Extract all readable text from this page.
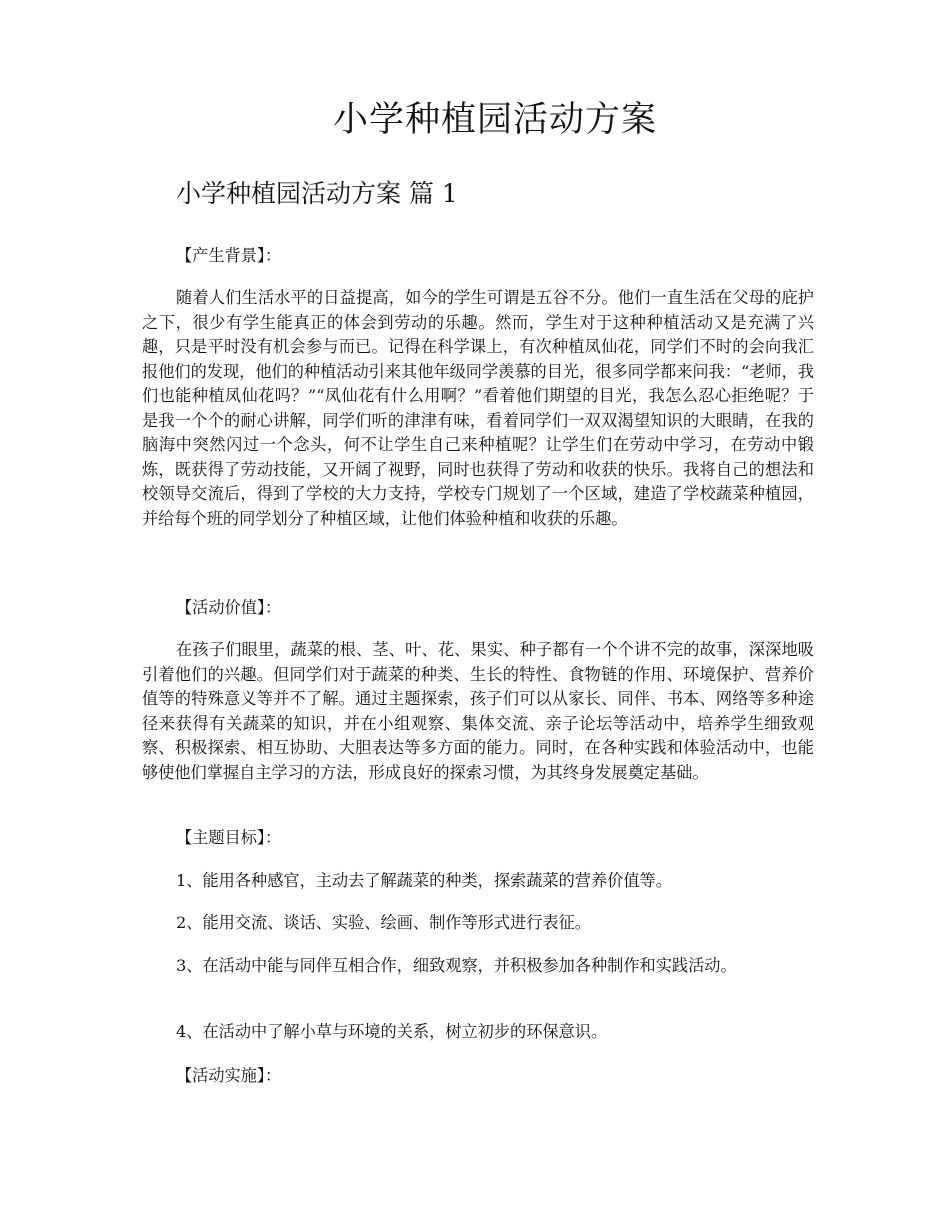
小学种植园活动方案
小学种植园活动方案 篇 1

【产生背景】：

随着人们生活水平的日益提高，如今的学生可谓是五谷不分。他们一直生活在父母的庇护之下，很少有学生能真正的体会到劳动的乐趣。然而，学生对于这种种植活动又是充满了兴趣，只是平时没有机会参与而已。记得在科学课上，有次种植凤仙花，同学们不时的会向我汇报他们的发现，他们的种植活动引来其他年级同学羡慕的目光，很多同学都来问我：“老师，我们也能种植凤仙花吗？”“凤仙花有什么用啊？”看着他们期望的目光，我怎么忍心拒绝呢？于是我一个个的耐心讲解，同学们听的津津有味，看着同学们一双双渴望知识的大眼睛，在我的脑海中突然闪过一个念头，何不让学生自己来种植呢？让学生们在劳动中学习，在劳动中锻炼，既获得了劳动技能，又开阔了视野，同时也获得了劳动和收获的快乐。我将自己的想法和校领导交流后，得到了学校的大力支持，学校专门规划了一个区域，建造了学校蔬菜种植园，并给每个班的同学划分了种植区域，让他们体验种植和收获的乐趣。

【活动价值】：

在孩子们眼里，蔬菜的根、茎、叶、花、果实、种子都有一个个讲不完的故事，深深地吸引着他们的兴趣。但同学们对于蔬菜的种类、生长的特性、食物链的作用、环境保护、营养价值等的特殊意义等并不了解。通过主题探索，孩子们可以从家长、同伴、书本、网络等多种途径来获得有关蔬菜的知识，并在小组观察、集体交流、亲子论坛等活动中，培养学生细致观察、积极探索、相互协助、大胆表达等多方面的能力。同时，在各种实践和体验活动中，也能够使他们掌握自主学习的方法，形成良好的探索习惯，为其终身发展奠定基础。

【主题目标】：

1、能用各种感官，主动去了解蔬菜的种类，探索蔬菜的营养价值等。

2、能用交流、谈话、实验、绘画、制作等形式进行表征。

3、在活动中能与同伴互相合作，细致观察，并积极参加各种制作和实践活动。

4、在活动中了解小草与环境的关系，树立初步的环保意识。

【活动实施】：
